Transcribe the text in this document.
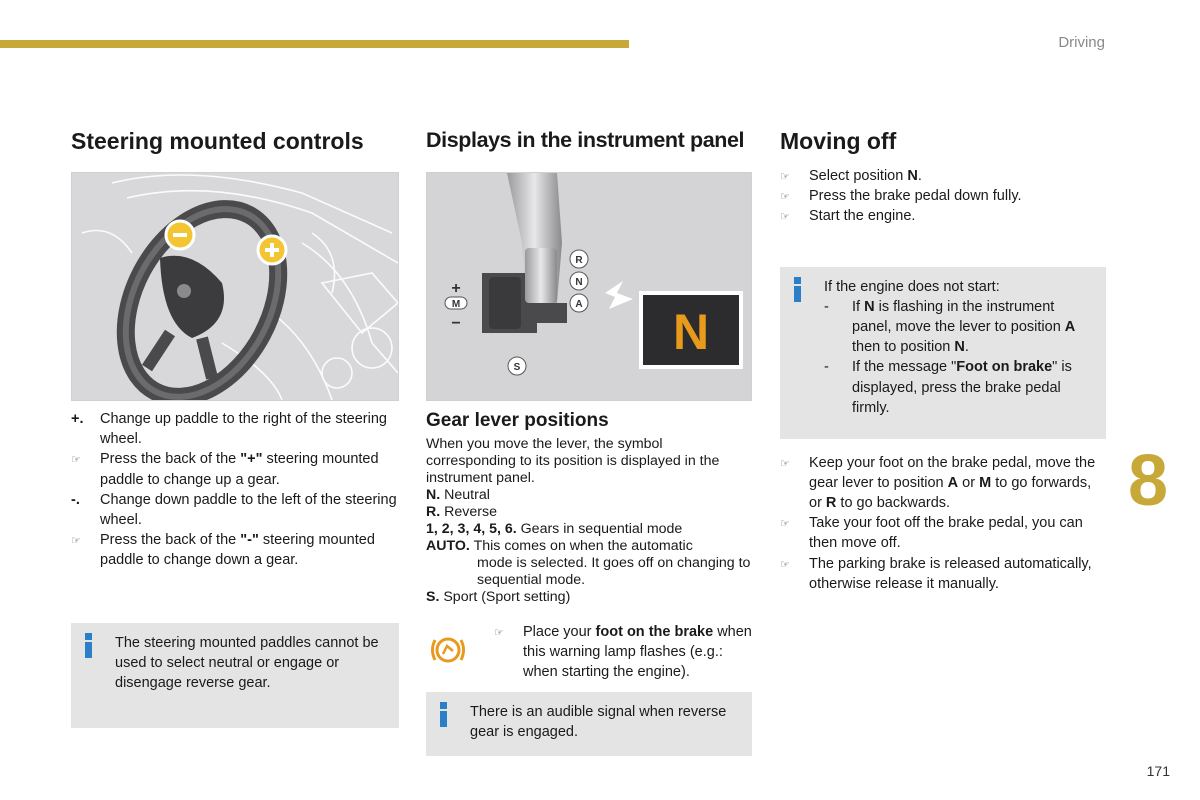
Driving
8
171
Steering mounted controls
+.	Change up paddle to the right of the steering wheel.
☞	Press the back of the "+" steering mounted paddle to change up a gear.
-.	Change down paddle to the left of the steering wheel.
☞	Press the back of the "-" steering mounted paddle to change down a gear.
The steering mounted paddles cannot be used to select neutral or engage or disengage reverse gear.
Displays in the instrument panel
R
N
A
M
S
+
−	N
Gear lever positions
When you move the lever, the symbol corresponding to its position is displayed in the instrument panel.
N. Neutral
R. Reverse
1, 2, 3, 4, 5, 6. Gears in sequential mode
AUTO. This comes on when the automatic
mode is selected. It goes off on changing to sequential mode.
S. Sport (Sport setting)
☞	Place your foot on the brake when this warning lamp flashes (e.g.: when starting the engine).
There is an audible signal when reverse gear is engaged.
Moving off
☞	Select position N.
☞	Press the brake pedal down fully.
☞	Start the engine.
If the engine does not start:
- If N is flashing in the instrument panel, move the lever to position A then to position N.
- If the message "Foot on brake" is displayed, press the brake pedal firmly.
☞	Keep your foot on the brake pedal, move the gear lever to position A or M to go forwards, or R to go backwards.
☞	Take your foot off the brake pedal, you can then move off.
☞	The parking brake is released automatically, otherwise release it manually.
